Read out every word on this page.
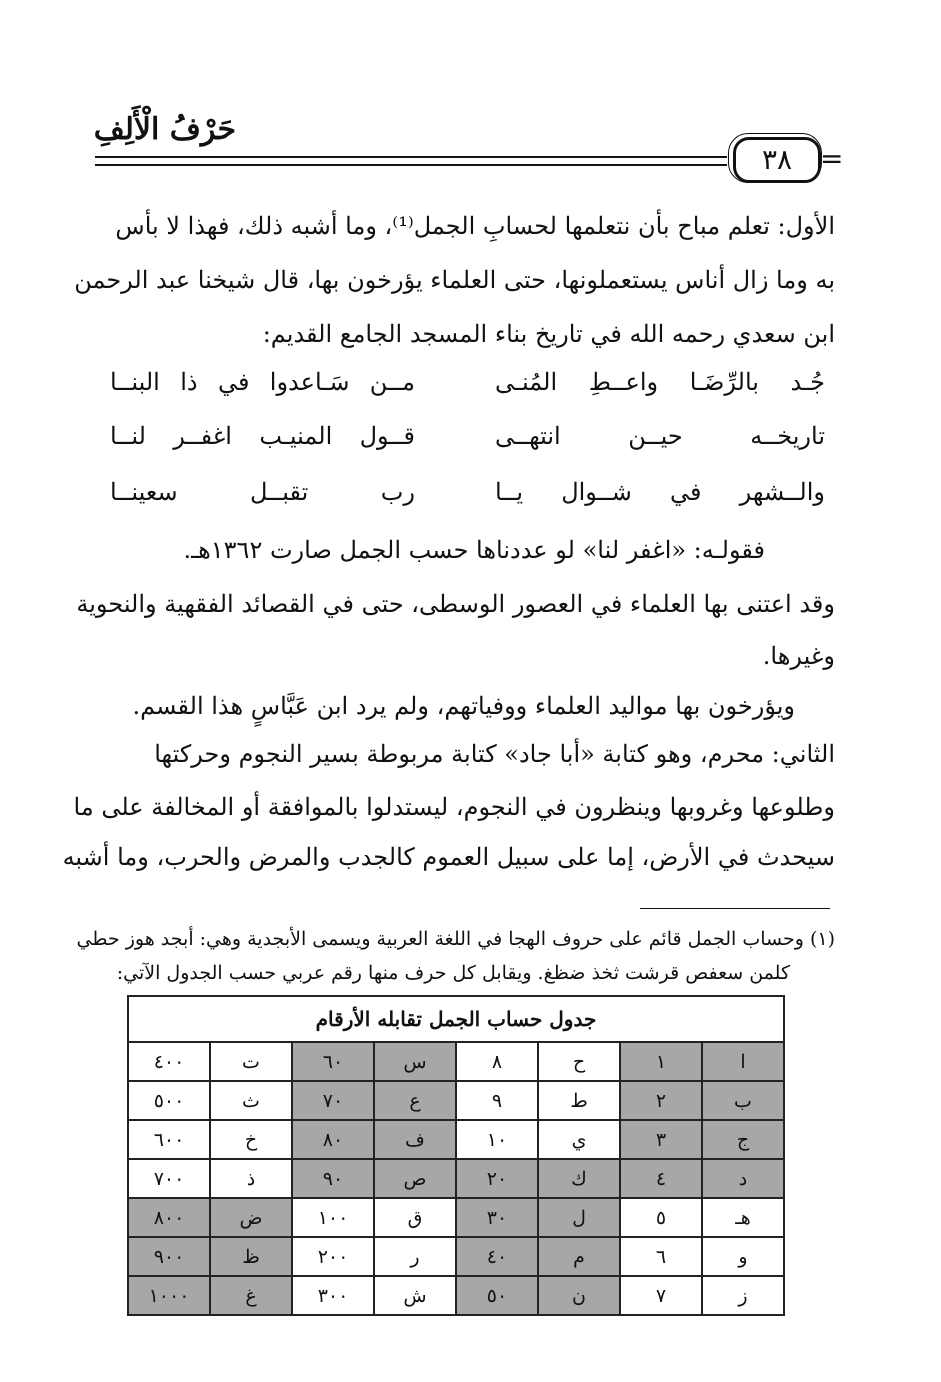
حَرْفُ الْأَلِفِ
٣٨ =
الأول: تعلم مباح بأن نتعلمها لحسابِ الجمل⁽¹⁾، وما أشبه ذلك، فهذا لا بأس
به وما زال أناس يستعملونها، حتى العلماء يؤرخون بها، قال شيخنا عبد الرحمن
ابن سعدي رحمه الله في تاريخ بناء المسجد الجامع القديم:
جُـد بالرِّضَـا واعــطِ المُنـى
مــن سَـاعدوا في ذا البنــا
تاريخــه حيــن انتهــى
قــول المنيـب اغفــر لنــا
والــشهر في شــوال يــا
رب تقبــل سعينــا
فقولـه: «اغفر لنا» لو عددناها حسب الجمل صارت ١٣٦٢هـ.
وقد اعتنى بها العلماء في العصور الوسطى، حتى في القصائد الفقهية والنحوية
وغيرها.
ويؤرخون بها مواليد العلماء ووفياتهم، ولم يرد ابن عَبَّاسٍ هذا القسم.
الثاني: محرم، وهو كتابة «أبا جاد» كتابة مربوطة بسير النجوم وحركتها
وطلوعها وغروبها وينظرون في النجوم، ليستدلوا بالموافقة أو المخالفة على ما
سيحدث في الأرض، إما على سبيل العموم كالجدب والمرض والحرب، وما أشبه
(١) وحساب الجمل قائم على حروف الهجا في اللغة العربية ويسمى الأبجدية وهي: أبجد هوز حطي
كلمن سعفص قرشت ثخذ ضظغ. ويقابل كل حرف منها رقم عربي حسب الجدول الآتي:
جدول حساب الجمل تقابله الأرقام							
ا	١	ح	٨	س	٦٠	ت	٤٠٠
ب	٢	ط	٩	ع	٧٠	ث	٥٠٠
ج	٣	ي	١٠	ف	٨٠	خ	٦٠٠
د	٤	ك	٢٠	ص	٩٠	ذ	٧٠٠
هـ	٥	ل	٣٠	ق	١٠٠	ض	٨٠٠
و	٦	م	٤٠	ر	٢٠٠	ظ	٩٠٠
ز	٧	ن	٥٠	ش	٣٠٠	غ	١٠٠٠
